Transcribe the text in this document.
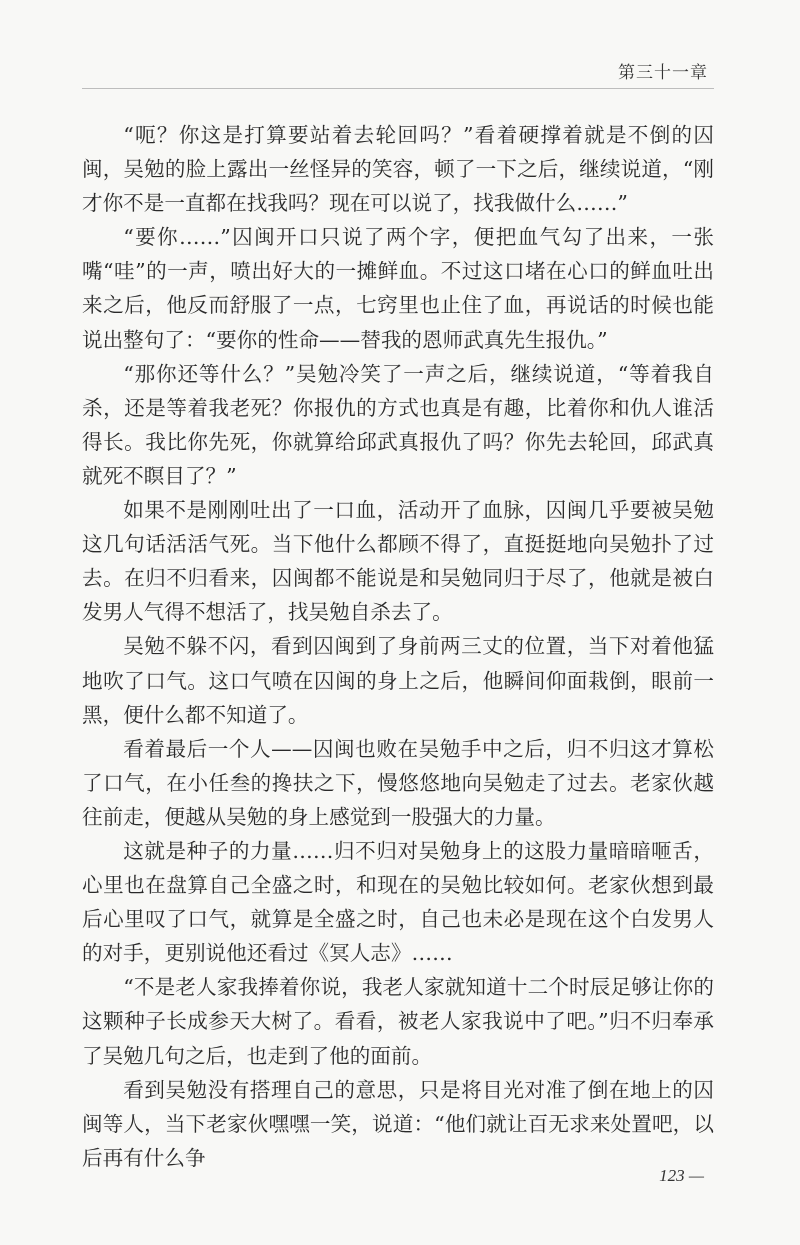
第三十一章

“呃？你这是打算要站着去轮回吗？”看着硬撑着就是不倒的囚闽，吴勉的脸上露出一丝怪异的笑容，顿了一下之后，继续说道，“刚才你不是一直都在找我吗？现在可以说了，找我做什么……”

“要你……”囚闽开口只说了两个字，便把血气勾了出来，一张嘴“哇”的一声，喷出好大的一摊鲜血。不过这口堵在心口的鲜血吐出来之后，他反而舒服了一点，七窍里也止住了血，再说话的时候也能说出整句了：“要你的性命——替我的恩师武真先生报仇。”

“那你还等什么？”吴勉冷笑了一声之后，继续说道，“等着我自杀，还是等着我老死？你报仇的方式也真是有趣，比着你和仇人谁活得长。我比你先死，你就算给邱武真报仇了吗？你先去轮回，邱武真就死不瞑目了？”

如果不是刚刚吐出了一口血，活动开了血脉，囚闽几乎要被吴勉这几句话活活气死。当下他什么都顾不得了，直挺挺地向吴勉扑了过去。在归不归看来，囚闽都不能说是和吴勉同归于尽了，他就是被白发男人气得不想活了，找吴勉自杀去了。

吴勉不躲不闪，看到囚闽到了身前两三丈的位置，当下对着他猛地吹了口气。这口气喷在囚闽的身上之后，他瞬间仰面栽倒，眼前一黑，便什么都不知道了。

看着最后一个人——囚闽也败在吴勉手中之后，归不归这才算松了口气，在小任叁的搀扶之下，慢悠悠地向吴勉走了过去。老家伙越往前走，便越从吴勉的身上感觉到一股强大的力量。

这就是种子的力量……归不归对吴勉身上的这股力量暗暗咂舌，心里也在盘算自己全盛之时，和现在的吴勉比较如何。老家伙想到最后心里叹了口气，就算是全盛之时，自己也未必是现在这个白发男人的对手，更别说他还看过《冥人志》……

“不是老人家我捧着你说，我老人家就知道十二个时辰足够让你的这颗种子长成参天大树了。看看，被老人家我说中了吧。”归不归奉承了吴勉几句之后，也走到了他的面前。

看到吴勉没有搭理自己的意思，只是将目光对准了倒在地上的囚闽等人，当下老家伙嘿嘿一笑，说道：“他们就让百无求来处置吧，以后再有什么争

123 —
